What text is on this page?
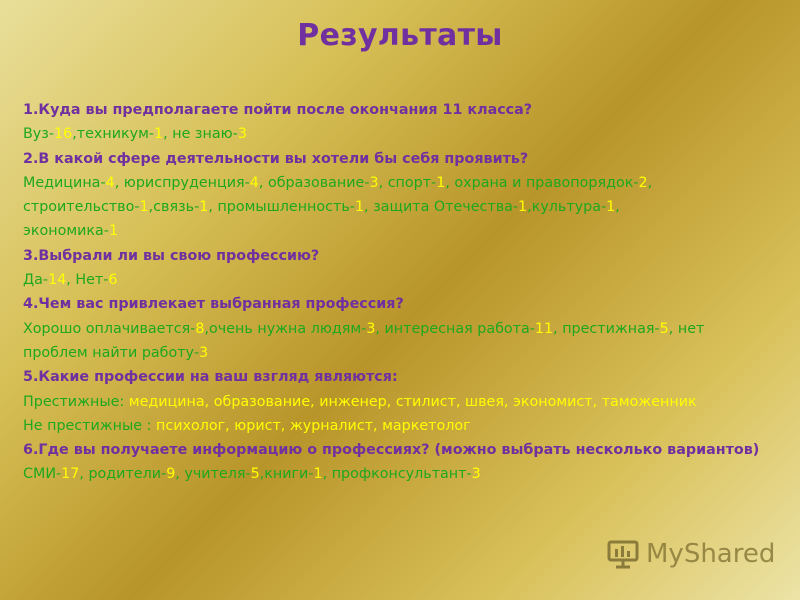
Результаты
1.Куда вы предполагаете пойти после окончания 11 класса?
Вуз-16,техникум-1, не знаю-3
2.В какой сфере деятельности вы хотели бы себя проявить?
Медицина-4, юриспруденция-4, образование-3, спорт-1, охрана и правопорядок-2,
строительство-1,связь-1, промышленность-1, защита Отечества-1,культура-1,
экономика-1
3.Выбрали ли вы свою профессию?
Да-14, Нет-6
4.Чем вас привлекает выбранная профессия?
Хорошо оплачивается-8,очень нужна людям-3, интересная работа-11, престижная-5, нет
проблем найти работу-3
5.Какие профессии на ваш взгляд являются:
Престижные: медицина, образование, инженер, стилист, швея, экономист, таможенник
Не престижные : психолог, юрист, журналист, маркетолог
6.Где вы получаете информацию о профессиях? (можно выбрать несколько вариантов)
СМИ-17, родители-9, учителя-5,книги-1, профконсультант-3
MyShared
